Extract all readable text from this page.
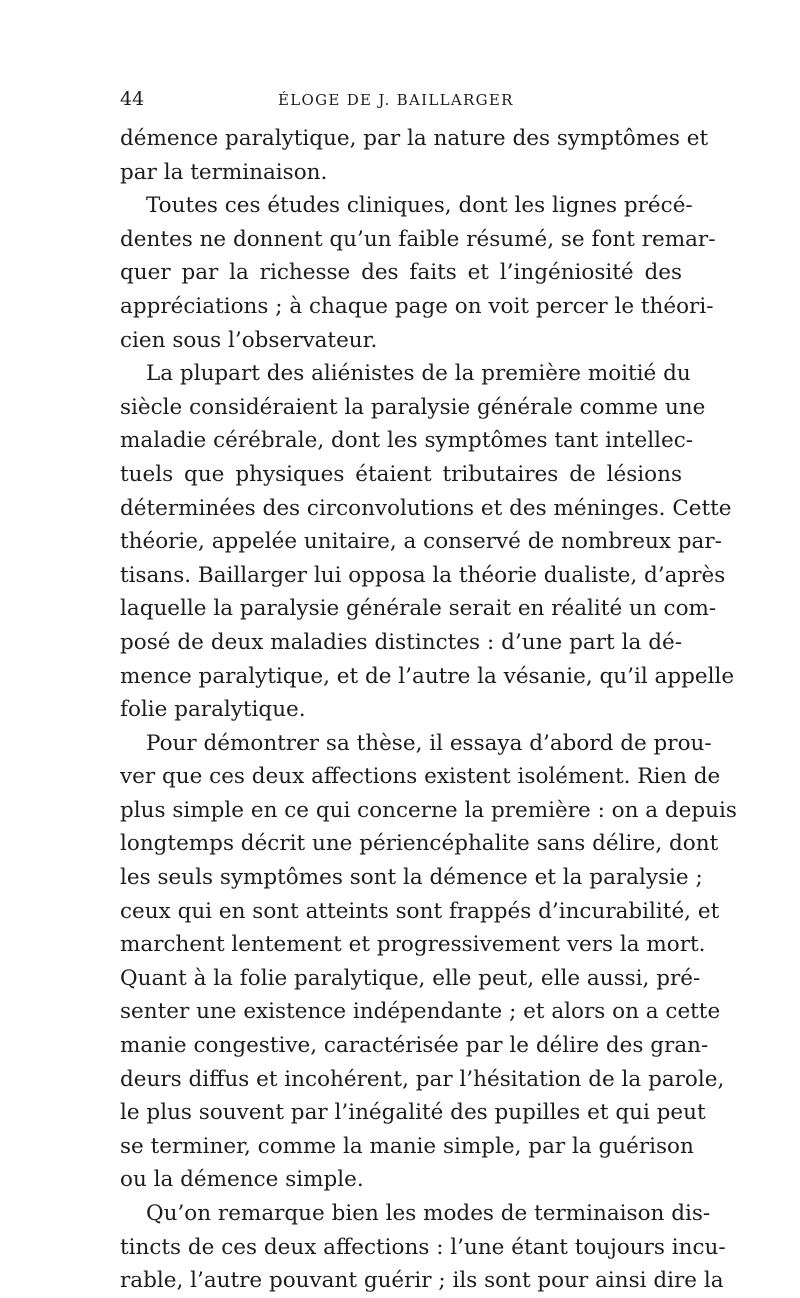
44	ÉLOGE DE J. BAILLARGER
démence paralytique, par la nature des symptômes et
par la terminaison.
Toutes ces études cliniques, dont les lignes précé-
dentes ne donnent qu’un faible résumé, se font remar-
quer par la richesse des faits et l’ingéniosité des
appréciations ; à chaque page on voit percer le théori-
cien sous l’observateur.
La plupart des aliénistes de la première moitié du
siècle considéraient la paralysie générale comme une
maladie cérébrale, dont les symptômes tant intellec-
tuels que physiques étaient tributaires de lésions
déterminées des circonvolutions et des méninges. Cette
théorie, appelée unitaire, a conservé de nombreux par-
tisans. Baillarger lui opposa la théorie dualiste, d’après
laquelle la paralysie générale serait en réalité un com-
posé de deux maladies distinctes : d’une part la dé-
mence paralytique, et de l’autre la vésanie, qu’il appelle
folie paralytique.
Pour démontrer sa thèse, il essaya d’abord de prou-
ver que ces deux affections existent isolément. Rien de
plus simple en ce qui concerne la première : on a depuis
longtemps décrit une périencéphalite sans délire, dont
les seuls symptômes sont la démence et la paralysie ;
ceux qui en sont atteints sont frappés d’incurabilité, et
marchent lentement et progressivement vers la mort.
Quant à la folie paralytique, elle peut, elle aussi, pré-
senter une existence indépendante ; et alors on a cette
manie congestive, caractérisée par le délire des gran-
deurs diffus et incohérent, par l’hésitation de la parole,
le plus souvent par l’inégalité des pupilles et qui peut
se terminer, comme la manie simple, par la guérison
ou la démence simple.
Qu’on remarque bien les modes de terminaison dis-
tincts de ces deux affections : l’une étant toujours incu-
rable, l’autre pouvant guérir ; ils sont pour ainsi dire la
